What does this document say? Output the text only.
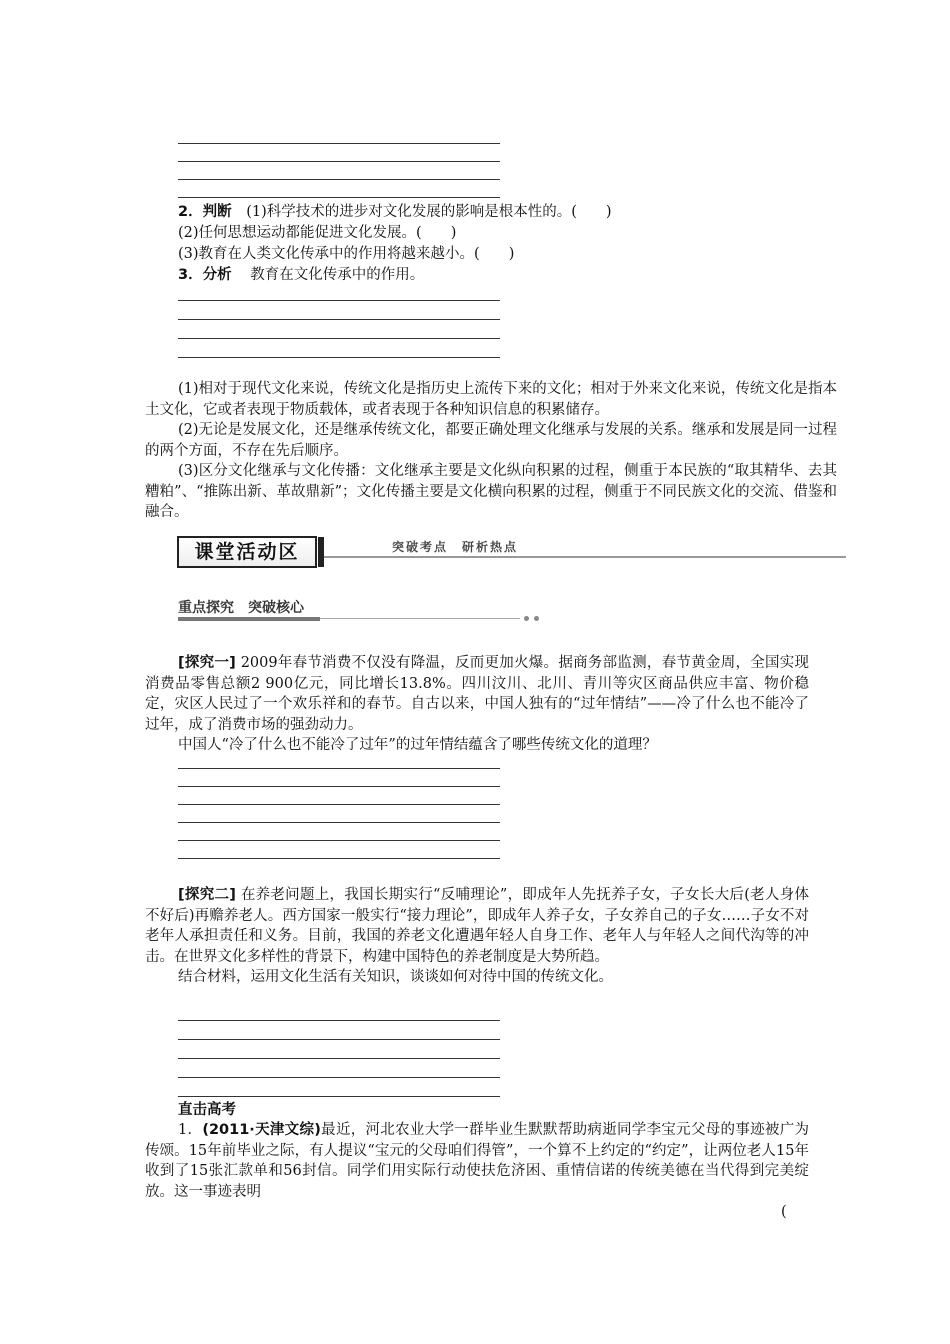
2．判断 (1)科学技术的进步对文化发展的影响是根本性的。(　　)
(2)任何思想运动都能促进文化发展。(　　)
(3)教育在人类文化传承中的作用将越来越小。(　　)
3．分析 教育在文化传承中的作用。

(1)相对于现代文化来说，传统文化是指历史上流传下来的文化；相对于外来文化来说，传统文化是指本土文化，它或者表现于物质载体，或者表现于各种知识信息的积累储存。

(2)无论是发展文化，还是继承传统文化，都要正确处理文化继承与发展的关系。继承和发展是同一过程的两个方面，不存在先后顺序。

(3)区分文化继承与文化传播：文化继承主要是文化纵向积累的过程，侧重于本民族的“取其精华、去其糟粕”、“推陈出新、革故鼎新”；文化传播主要是文化横向积累的过程，侧重于不同民族文化的交流、借鉴和融合。

课堂活动区	突破考点　研析热点
重点探究　突破核心

[探究一] 2009年春节消费不仅没有降温，反而更加火爆。据商务部监测，春节黄金周，全国实现消费品零售总额2 900亿元，同比增长13.8%。四川汶川、北川、青川等灾区商品供应丰富、物价稳定，灾区人民过了一个欢乐祥和的春节。自古以来，中国人独有的“过年情结”——冷了什么也不能冷了过年，成了消费市场的强劲动力。

中国人“冷了什么也不能冷了过年”的过年情结蕴含了哪些传统文化的道理？

[探究二] 在养老问题上，我国长期实行“反哺理论”，即成年人先抚养子女，子女长大后(老人身体不好后)再赡养老人。西方国家一般实行“接力理论”，即成年人养子女，子女养自己的子女……子女不对老年人承担责任和义务。目前，我国的养老文化遭遇年轻人自身工作、老年人与年轻人之间代沟等的冲击。在世界文化多样性的背景下，构建中国特色的养老制度是大势所趋。

结合材料，运用文化生活有关知识，谈谈如何对待中国的传统文化。

直击高考

1．(2011·天津文综)最近，河北农业大学一群毕业生默默帮助病逝同学李宝元父母的事迹被广为传颂。15年前毕业之际，有人提议“宝元的父母咱们得管”，一个算不上约定的“约定”，让两位老人15年收到了15张汇款单和56封信。同学们用实际行动使扶危济困、重情信诺的传统美德在当代得到完美绽放。这一事迹表明

(
